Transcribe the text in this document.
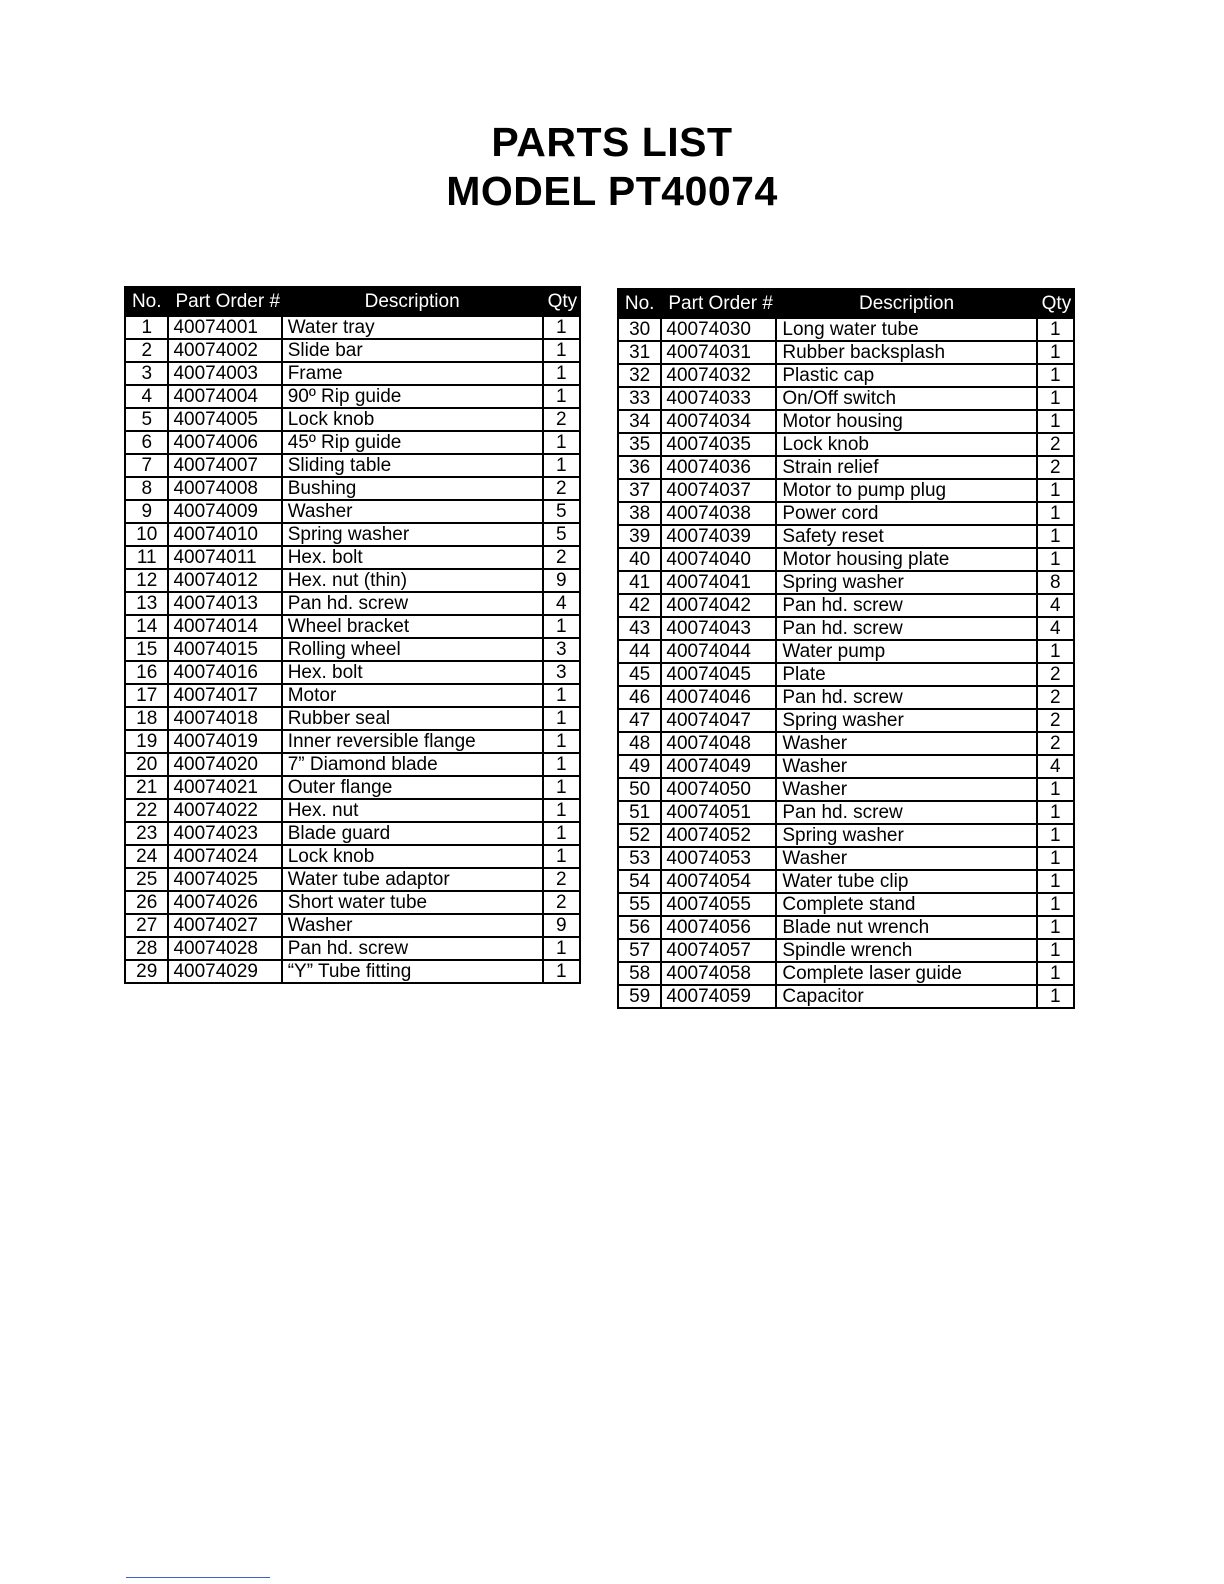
PARTS LIST
MODEL PT40074
No.	Part Order #	Description	Qty
1	40074001	Water tray	1
2	40074002	Slide bar	1
3	40074003	Frame	1
4	40074004	90º Rip guide	1
5	40074005	Lock knob	2
6	40074006	45º Rip guide	1
7	40074007	Sliding table	1
8	40074008	Bushing	2
9	40074009	Washer	5
10	40074010	Spring washer	5
11	40074011	Hex. bolt	2
12	40074012	Hex. nut (thin)	9
13	40074013	Pan hd. screw	4
14	40074014	Wheel bracket	1
15	40074015	Rolling wheel	3
16	40074016	Hex. bolt	3
17	40074017	Motor	1
18	40074018	Rubber seal	1
19	40074019	Inner reversible flange	1
20	40074020	7” Diamond blade	1
21	40074021	Outer flange	1
22	40074022	Hex. nut	1
23	40074023	Blade guard	1
24	40074024	Lock knob	1
25	40074025	Water tube adaptor	2
26	40074026	Short water tube	2
27	40074027	Washer	9
28	40074028	Pan hd. screw	1
29	40074029	“Y” Tube fitting	1
No.	Part Order #	Description	Qty
30	40074030	Long water tube	1
31	40074031	Rubber backsplash	1
32	40074032	Plastic cap	1
33	40074033	On/Off switch	1
34	40074034	Motor housing	1
35	40074035	Lock knob	2
36	40074036	Strain relief	2
37	40074037	Motor to pump plug	1
38	40074038	Power cord	1
39	40074039	Safety reset	1
40	40074040	Motor housing plate	1
41	40074041	Spring washer	8
42	40074042	Pan hd. screw	4
43	40074043	Pan hd. screw	4
44	40074044	Water pump	1
45	40074045	Plate	2
46	40074046	Pan hd. screw	2
47	40074047	Spring washer	2
48	40074048	Washer	2
49	40074049	Washer	4
50	40074050	Washer	1
51	40074051	Pan hd. screw	1
52	40074052	Spring washer	1
53	40074053	Washer	1
54	40074054	Water tube clip	1
55	40074055	Complete stand	1
56	40074056	Blade nut wrench	1
57	40074057	Spindle wrench	1
58	40074058	Complete laser guide	1
59	40074059	Capacitor	1
